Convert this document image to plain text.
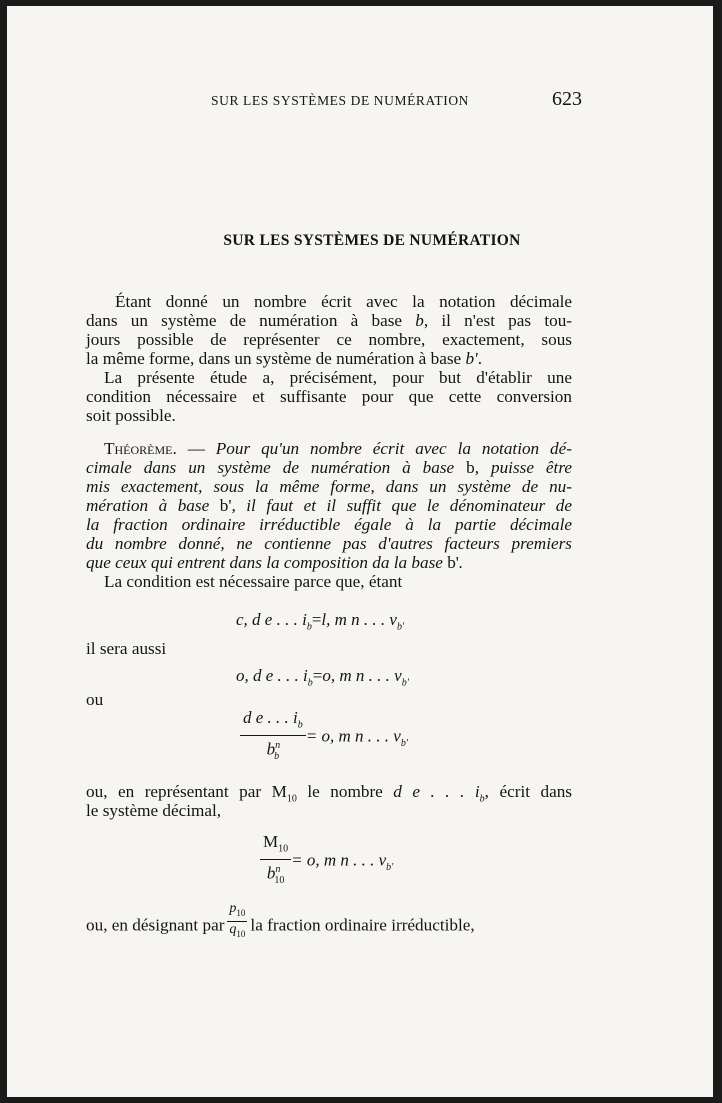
SUR LES SYSTÈMES DE NUMÉRATION	623
SUR LES SYSTÈMES DE NUMÉRATION
Étant donné un nombre écrit avec la notation décimale
dans un système de numération à base b, il n'est pas tou-
jours possible de représenter ce nombre, exactement, sous
la même forme, dans un système de numération à base b'.
La présente étude a, précisément, pour but d'établir une
condition nécessaire et suffisante pour que cette conversion
soit possible.
Théorème. — Pour qu'un nombre écrit avec la notation dé-
cimale dans un système de numération à base b, puisse être
mis exactement, sous la même forme, dans un système de nu-
mération à base b', il faut et il suffit que le dénominateur de
la fraction ordinaire irréductible égale à la partie décimale
du nombre donné, ne contienne pas d'autres facteurs premiers
que ceux qui entrent dans la composition da la base b'.
La condition est nécessaire parce que, étant
c, d e . . . $i_b=l$, m n . . . $v_{b'}$
il sera aussi
o, d e . . . $i_b=o$, m n . . . $v_{b'}$
ou
$\frac{d e . . . i_b}{b^n_b} = o$, m n . . . $v_{b'}$
ou, en représentant par $M_{10}$ le nombre d e . . . $i_b$, écrit dans
le système décimal,
$\frac{M_{10}}{b^n_{10}} = o$, m n . . . $v_{b'}$
ou, en désignant par $\frac{p_{10}}{q_{10}}$ la fraction ordinaire irréductible,
